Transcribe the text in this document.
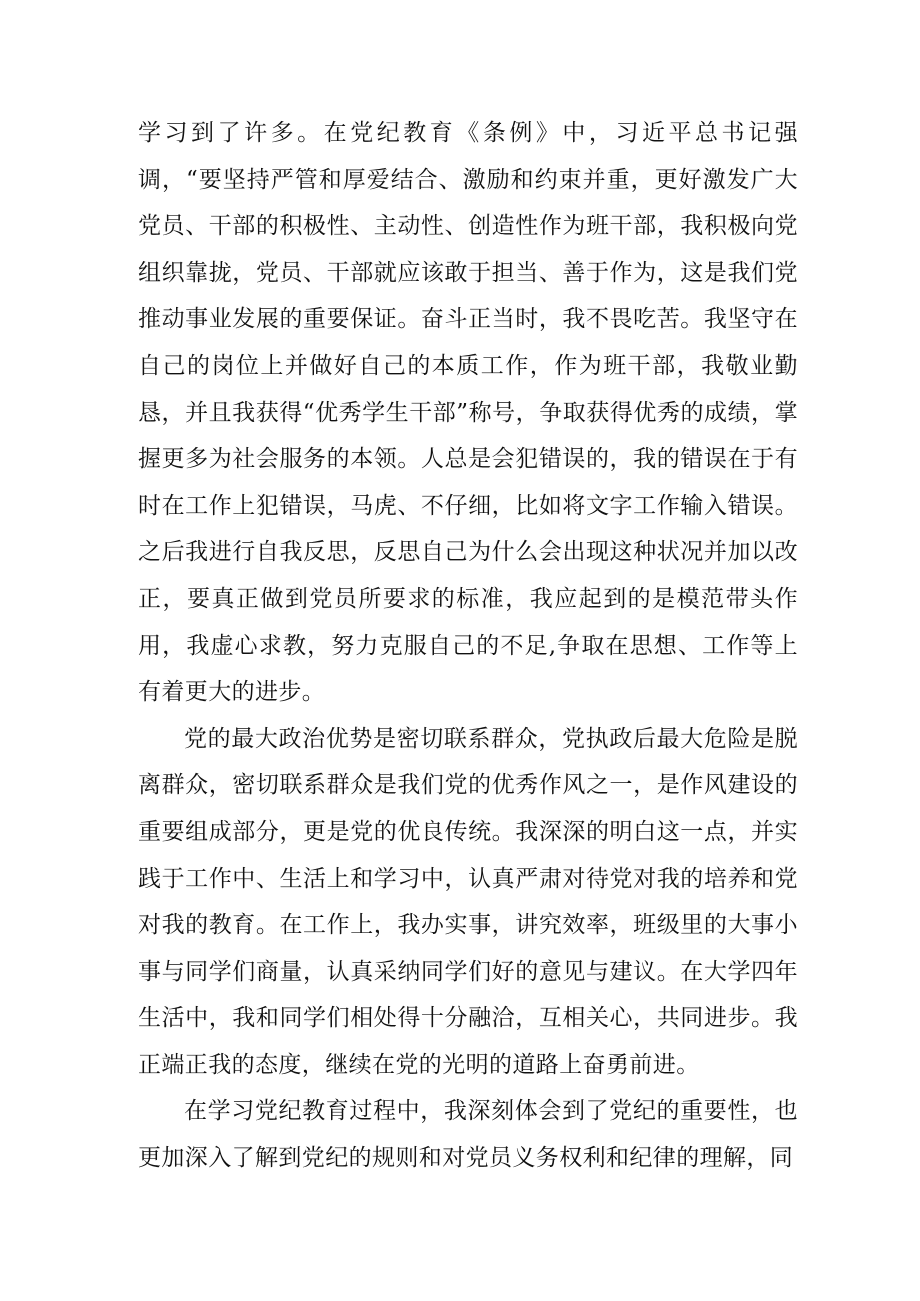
学习到了许多。在党纪教育《条例》中，习近平总书记强调，“要坚持严管和厚爱结合、激励和约束并重，更好激发广大党员、干部的积极性、主动性、创造性作为班干部，我积极向党组织靠拢，党员、干部就应该敢于担当、善于作为，这是我们党推动事业发展的重要保证。奋斗正当时，我不畏吃苦。我坚守在自己的岗位上并做好自己的本质工作，作为班干部，我敬业勤恳，并且我获得“优秀学生干部”称号，争取获得优秀的成绩，掌握更多为社会服务的本领。人总是会犯错误的，我的错误在于有时在工作上犯错误，马虎、不仔细，比如将文字工作输入错误。之后我进行自我反思，反思自己为什么会出现这种状况并加以改正，要真正做到党员所要求的标准，我应起到的是模范带头作用，我虚心求教，努力克服自己的不足,争取在思想、工作等上有着更大的进步。

党的最大政治优势是密切联系群众，党执政后最大危险是脱离群众，密切联系群众是我们党的优秀作风之一，是作风建设的重要组成部分，更是党的优良传统。我深深的明白这一点，并实践于工作中、生活上和学习中，认真严肃对待党对我的培养和党对我的教育。在工作上，我办实事，讲究效率，班级里的大事小事与同学们商量，认真采纳同学们好的意见与建议。在大学四年生活中，我和同学们相处得十分融洽，互相关心，共同进步。我正端正我的态度，继续在党的光明的道路上奋勇前进。

在学习党纪教育过程中，我深刻体会到了党纪的重要性，也更加深入了解到党纪的规则和对党员义务权利和纪律的理解，同
